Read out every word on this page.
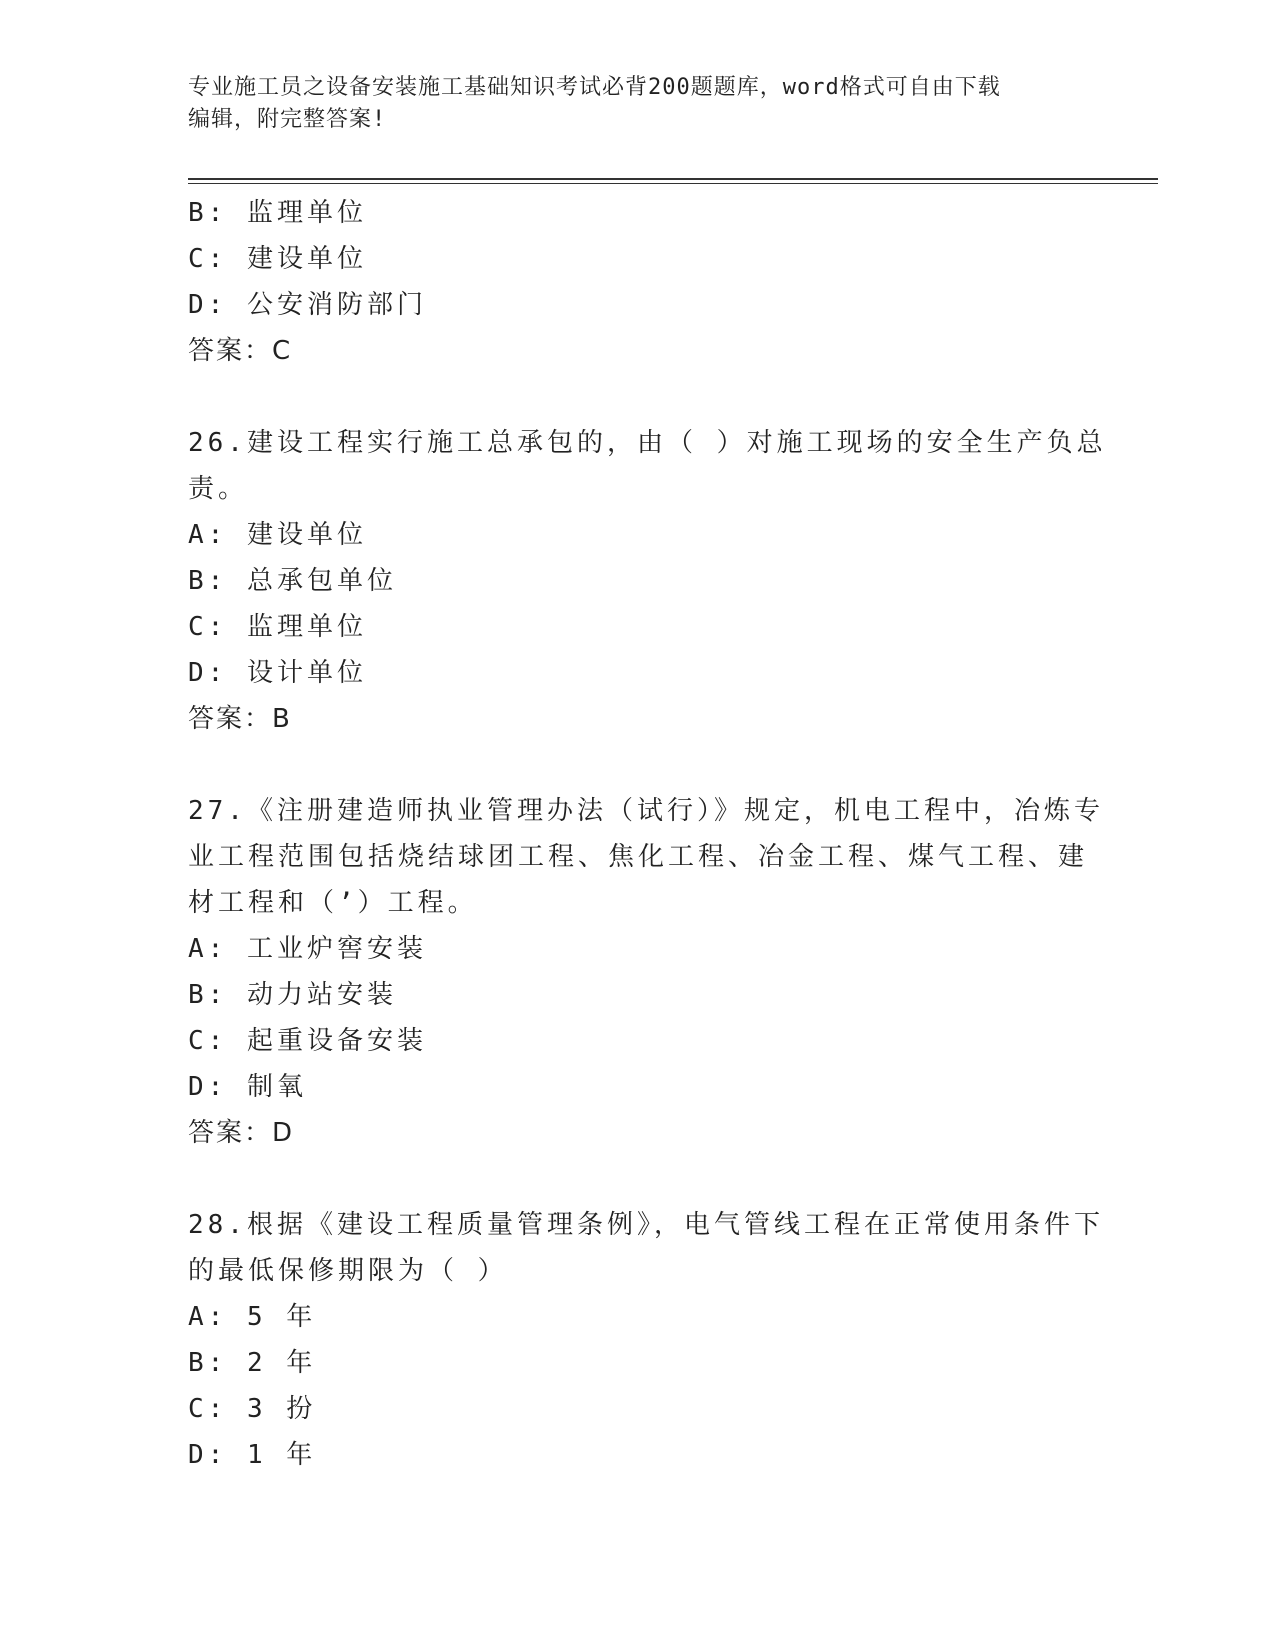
专业施工员之设备安装施工基础知识考试必背200题题库，word格式可自由下载
编辑，附完整答案!
B: 监理单位
C: 建设单位
D: 公安消防部门
答案：C
26.建设工程实行施工总承包的，由（ ）对施工现场的安全生产负总
责。
A: 建设单位
B: 总承包单位
C: 监理单位
D: 设计单位
答案：B
27.《注册建造师执业管理办法（试行）》规定，机电工程中，冶炼专
业工程范围包括烧结球团工程、焦化工程、冶金工程、煤气工程、建
材工程和（’）工程。
A: 工业炉窖安装
B: 动力站安装
C: 起重设备安装
D: 制氧
答案：D
28.根据《建设工程质量管理条例》，电气管线工程在正常使用条件下
的最低保修期限为（ ）
A: 5 年
B: 2 年
C: 3 扮
D: 1 年
